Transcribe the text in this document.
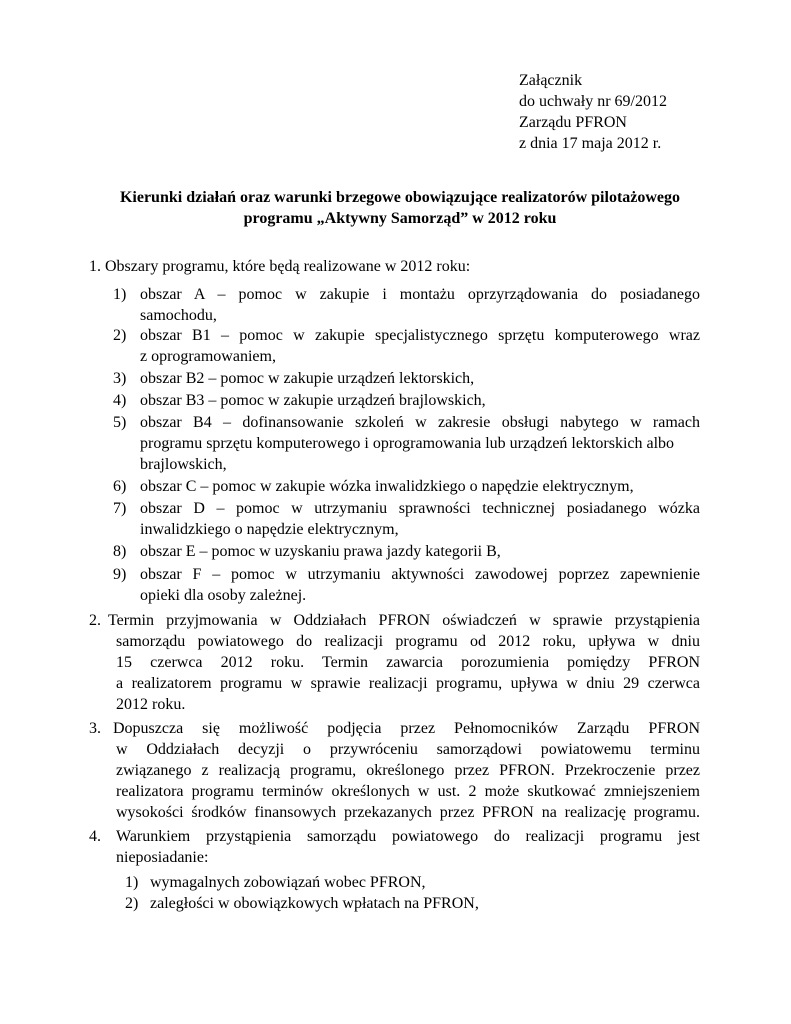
Załącznik
do uchwały nr 69/2012
Zarządu PFRON
z dnia 17 maja 2012 r.
Kierunki działań oraz warunki brzegowe obowiązujące realizatorów pilotażowego
programu „Aktywny Samorząd” w 2012 roku
1. Obszary programu, które będą realizowane w 2012 roku:
1) obszar A – pomoc w zakupie i montażu oprzyrządowania do posiadanego
samochodu,
2) obszar B1 – pomoc w zakupie specjalistycznego sprzętu komputerowego wraz
z oprogramowaniem,
3) obszar B2 – pomoc w zakupie urządzeń lektorskich,
4) obszar B3 – pomoc w zakupie urządzeń brajlowskich,
5) obszar B4 – dofinansowanie szkoleń w zakresie obsługi nabytego w ramach
programu sprzętu komputerowego i oprogramowania lub urządzeń lektorskich albo
brajlowskich,
6) obszar C – pomoc w zakupie wózka inwalidzkiego o napędzie elektrycznym,
7) obszar D – pomoc w utrzymaniu sprawności technicznej posiadanego wózka
inwalidzkiego o napędzie elektrycznym,
8) obszar E – pomoc w uzyskaniu prawa jazdy kategorii B,
9) obszar F – pomoc w utrzymaniu aktywności zawodowej poprzez zapewnienie
opieki dla osoby zależnej.
2. Termin przyjmowania w Oddziałach PFRON oświadczeń w sprawie przystąpienia
samorządu powiatowego do realizacji programu od 2012 roku, upływa w dniu
15 czerwca 2012 roku. Termin zawarcia porozumienia pomiędzy PFRON
a realizatorem programu w sprawie realizacji programu, upływa w dniu 29 czerwca
2012 roku.
3. Dopuszcza się możliwość podjęcia przez Pełnomocników Zarządu PFRON
w Oddziałach decyzji o przywróceniu samorządowi powiatowemu terminu
związanego z realizacją programu, określonego przez PFRON. Przekroczenie przez
realizatora programu terminów określonych w ust. 2 może skutkować zmniejszeniem
wysokości środków finansowych przekazanych przez PFRON na realizację programu.
4. Warunkiem przystąpienia samorządu powiatowego do realizacji programu jest
nieposiadanie:
1) wymagalnych zobowiązań wobec PFRON,
2) zaległości w obowiązkowych wpłatach na PFRON,
